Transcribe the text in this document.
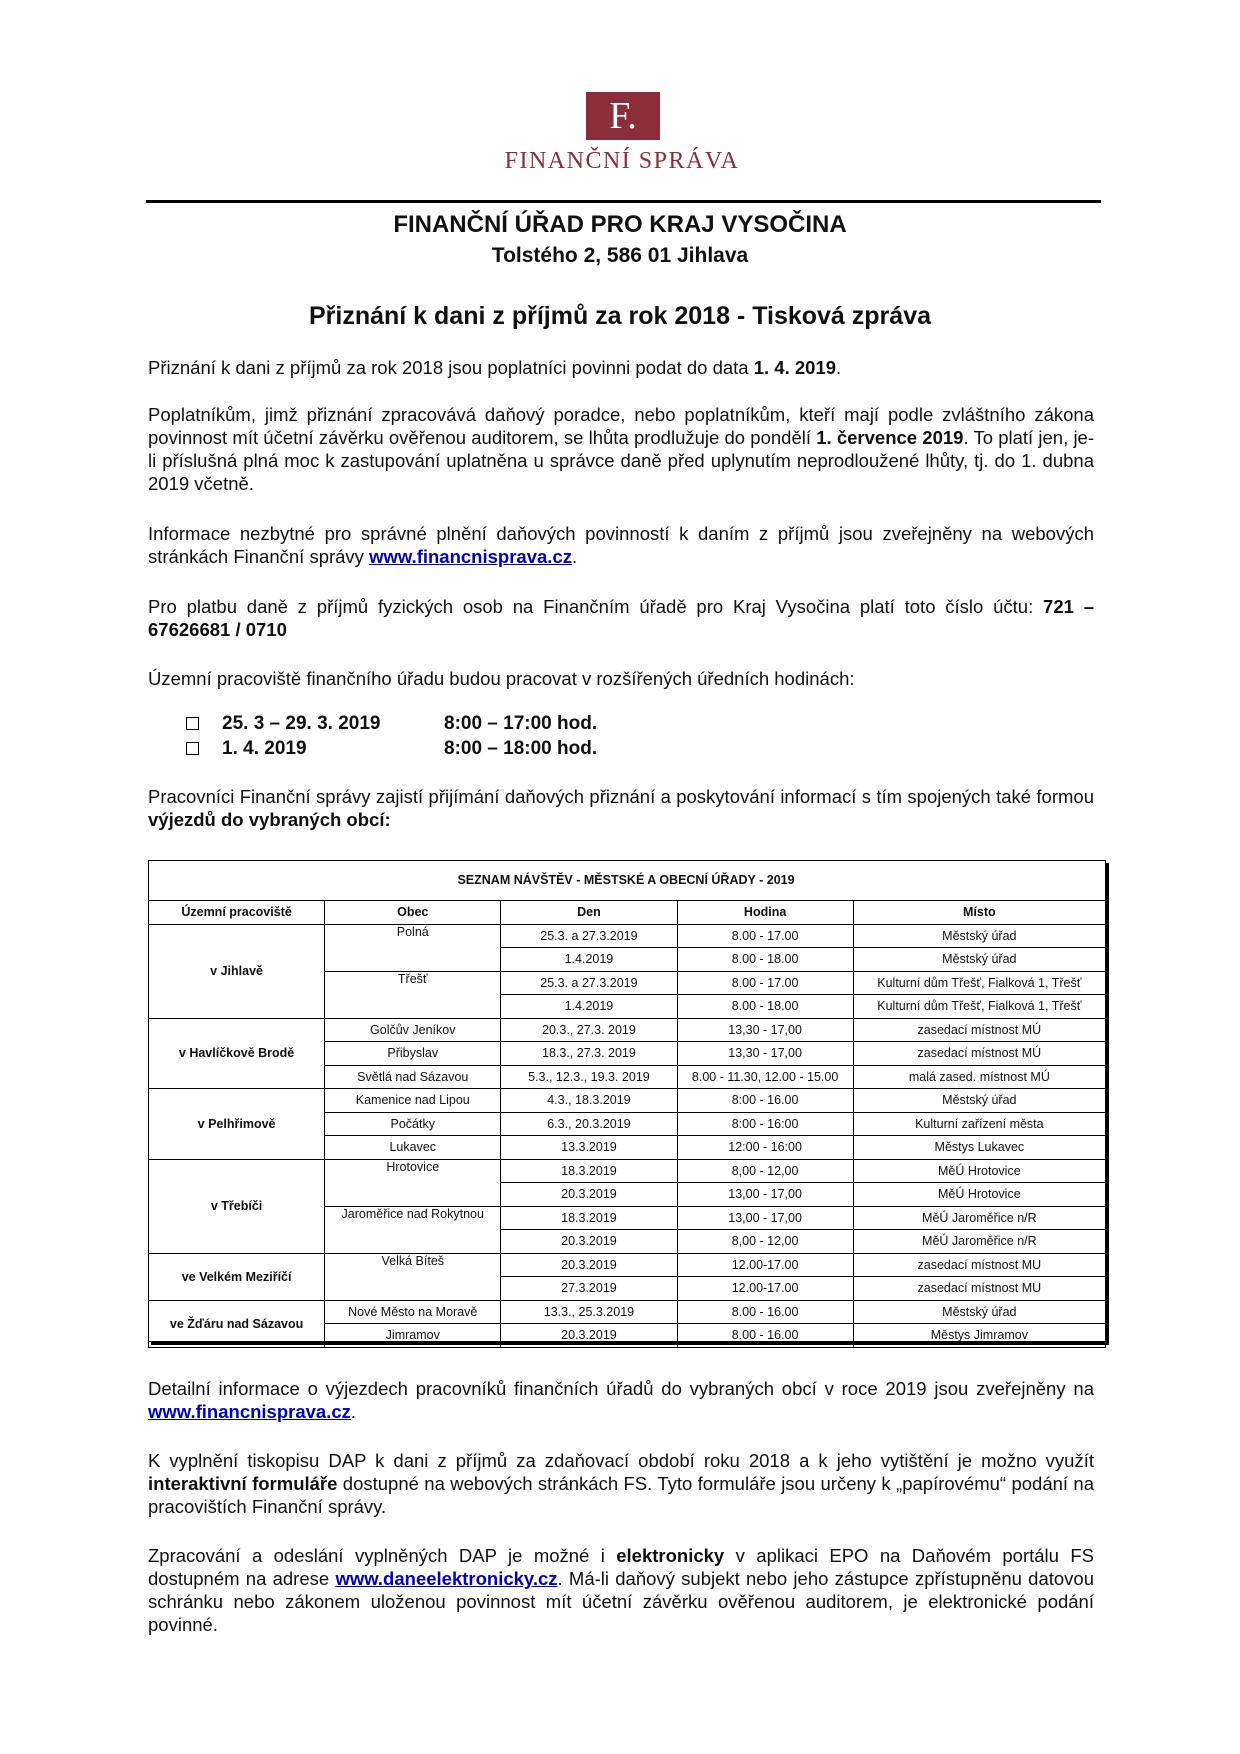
F.
FINANČNÍ SPRÁVA
FINANČNÍ ÚŘAD PRO KRAJ VYSOČINA
Tolstého 2, 586 01 Jihlava
Přiznání k dani z příjmů za rok 2018 - Tisková zpráva
Přiznání k dani z příjmů za rok 2018 jsou poplatníci povinni podat do data 1. 4. 2019.
Poplatníkům, jimž přiznání zpracovává daňový poradce, nebo poplatníkům, kteří mají podle zvláštního zákona povinnost mít účetní závěrku ověřenou auditorem, se lhůta prodlužuje do pondělí 1. července 2019. To platí jen, je-li příslušná plná moc k zastupování uplatněna u správce daně před uplynutím neprodloužené lhůty, tj. do 1. dubna 2019 včetně.
Informace nezbytné pro správné plnění daňových povinností k daním z příjmů jsou zveřejněny na webových stránkách Finanční správy www.financnisprava.cz.
Pro platbu daně z příjmů fyzických osob na Finančním úřadě pro Kraj Vysočina platí toto číslo účtu: 721 – 67626681 / 0710
Územní pracoviště finančního úřadu budou pracovat v rozšířených úředních hodinách:
25. 3 – 29. 3. 2019	8:00 – 17:00 hod.
1. 4. 2019	8:00 – 18:00 hod.
Pracovníci Finanční správy zajistí přijímání daňových přiznání a poskytování informací s tím spojených také formou výjezdů do vybraných obcí:
SEZNAM NÁVŠTĚV - MĚSTSKÉ A OBECNÍ ÚŘADY - 2019
Územní pracoviště	Obec	Den	Hodina	Místo
v Jihlavě	Polná	25.3. a 27.3.2019	8.00 - 17.00	Městský úřad
		1.4.2019	8.00 - 18.00	Městský úřad
	Třešť	25.3. a 27.3.2019	8.00 - 17.00	Kulturní dům Třešť, Fialková 1, Třešť
		1.4.2019	8.00 - 18.00	Kulturní dům Třešť, Fialková 1, Třešť
v Havlíčkově Brodě	Golčův Jeníkov	20.3., 27.3. 2019	13,30 - 17,00	zasedací místnost MÚ
	Přibyslav	18.3., 27.3. 2019	13,30 - 17,00	zasedací místnost MÚ
	Světlá nad Sázavou	5.3., 12.3., 19.3. 2019	8.00 - 11.30, 12.00 - 15.00	malá zased. místnost MÚ
v Pelhřimově	Kamenice nad Lipou	4.3., 18.3.2019	8:00 - 16.00	Městský úřad
	Počátky	6.3., 20.3.2019	8:00 - 16:00	Kulturní zařízení města
	Lukavec	13.3.2019	12:00 - 16:00	Městys Lukavec
v Třebíči	Hrotovice	18.3.2019	8,00 - 12,00	MěÚ Hrotovice
		20.3.2019	13,00 - 17,00	MěÚ Hrotovice
	Jaroměřice nad Rokytnou	18.3.2019	13,00 - 17,00	MěÚ Jaroměřice n/R
		20.3.2019	8,00 - 12,00	MěÚ Jaroměřice n/R
ve Velkém Meziříčí	Velká Bíteš	20.3.2019	12.00-17.00	zasedací místnost MU
		27.3.2019	12.00-17.00	zasedací místnost MU
ve Žďáru nad Sázavou	Nové Město na Moravě	13.3., 25.3.2019	8.00 - 16.00	Městský úřad
	Jimramov	20.3.2019	8.00 - 16.00	Městys Jimramov
Detailní informace o výjezdech pracovníků finančních úřadů do vybraných obcí v roce 2019 jsou zveřejněny na www.financnisprava.cz.
K vyplnění tiskopisu DAP k dani z příjmů za zdaňovací období roku 2018 a k jeho vytištění je možno využít interaktivní formuláře dostupné na webových stránkách FS. Tyto formuláře jsou určeny k „papírovému“ podání na pracovištích Finanční správy.
Zpracování a odeslání vyplněných DAP je možné i elektronicky v aplikaci EPO na Daňovém portálu FS dostupném na adrese www.daneelektronicky.cz. Má-li daňový subjekt nebo jeho zástupce zpřístupněnu datovou schránku nebo zákonem uloženou povinnost mít účetní závěrku ověřenou auditorem, je elektronické podání povinné.
